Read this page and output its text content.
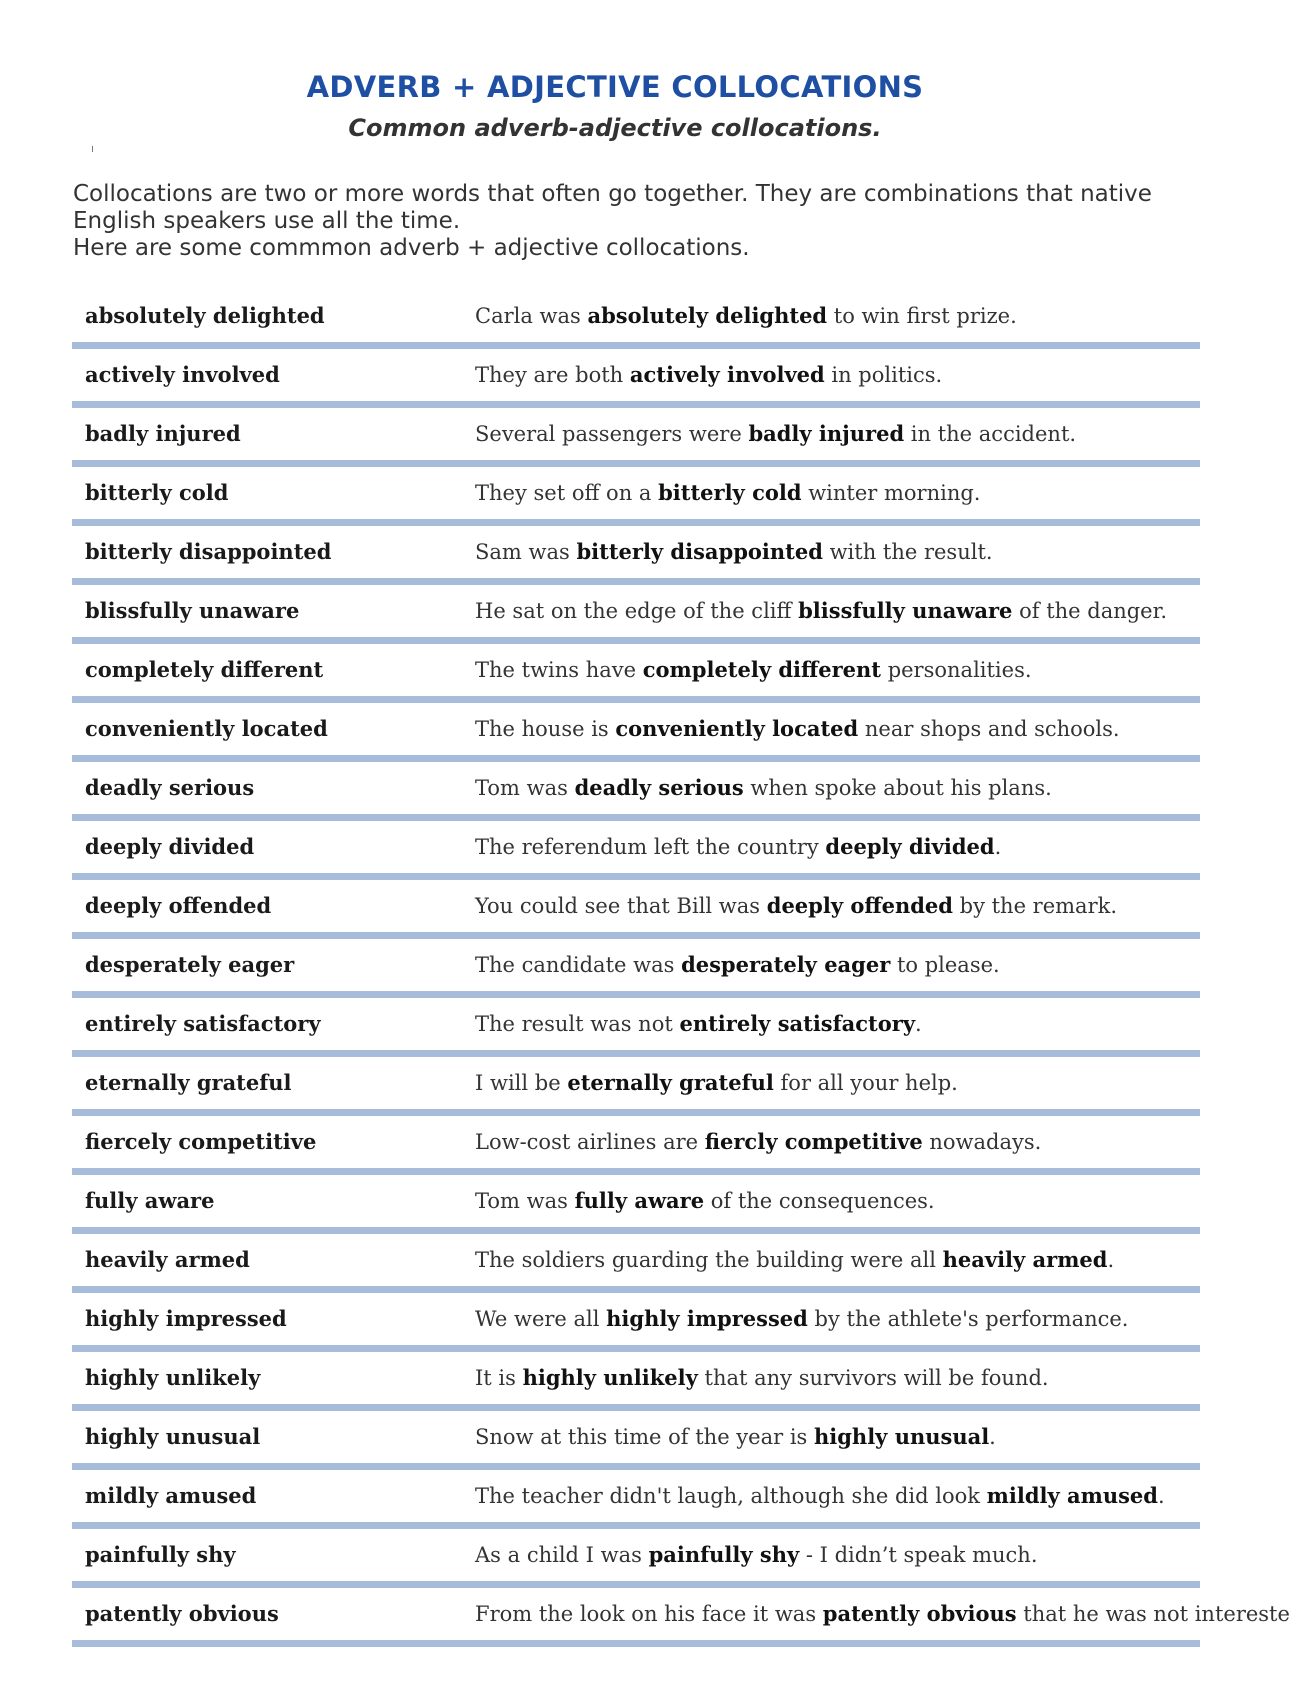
ADVERB + ADJECTIVE COLLOCATIONS
Common adverb-adjective collocations.

Collocations are two or more words that often go together. They are combinations that native English speakers use all the time.

Here are some commmon adverb + adjective collocations.

absolutely delighted	Carla was absolutely delighted to win first prize.
actively involved	They are both actively involved in politics.
badly injured	Several passengers were badly injured in the accident.
bitterly cold	They set off on a bitterly cold winter morning.
bitterly disappointed	Sam was bitterly disappointed with the result.
blissfully unaware	He sat on the edge of the cliff blissfully unaware of the danger.
completely different	The twins have completely different personalities.
conveniently located	The house is conveniently located near shops and schools.
deadly serious	Tom was deadly serious when spoke about his plans.
deeply divided	The referendum left the country deeply divided.
deeply offended	You could see that Bill was deeply offended by the remark.
desperately eager	The candidate was desperately eager to please.
entirely satisfactory	The result was not entirely satisfactory.
eternally grateful	I will be eternally grateful for all your help.
fiercely competitive	Low-cost airlines are fiercly competitive nowadays.
fully aware	Tom was fully aware of the consequences.
heavily armed	The soldiers guarding the building were all heavily armed.
highly impressed	We were all highly impressed by the athlete's performance.
highly unlikely	It is highly unlikely that any survivors will be found.
highly unusual	Snow at this time of the year is highly unusual.
mildly amused	The teacher didn't laugh, although she did look mildly amused.
painfully shy	As a child I was painfully shy - I didn’t speak much.
patently obvious	From the look on his face it was patently obvious that he was not intereste
